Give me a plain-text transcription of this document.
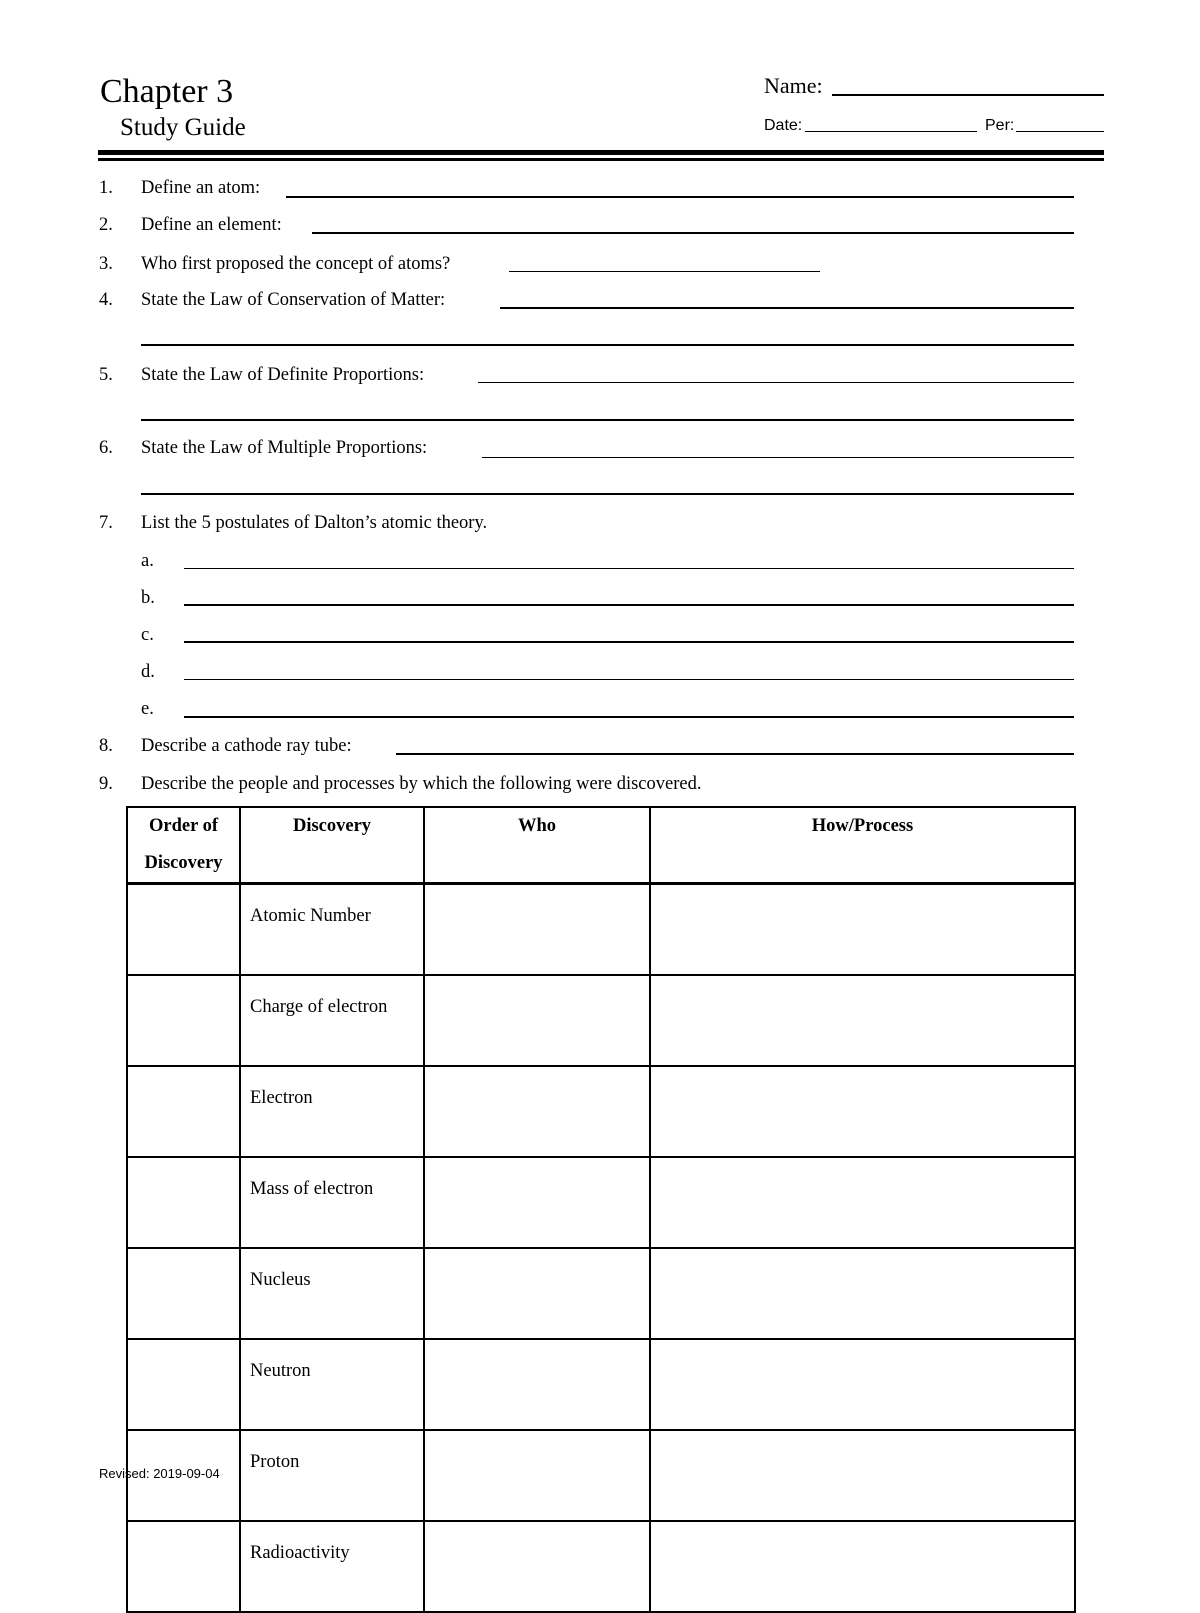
Chapter 3
Study Guide
Name:
Date:	Per:
1. Define an atom:
2. Define an element:
3. Who first proposed the concept of atoms?
4. State the Law of Conservation of Matter:
5. State the Law of Definite Proportions:
6. State the Law of Multiple Proportions:
7. List the 5 postulates of Dalton’s atomic theory.
a.
b.
c.
d.
e.
8. Describe a cathode ray tube:
9. Describe the people and processes by which the following were discovered.
Order of Discovery	Discovery	Who	How/Process
	Atomic Number		
	Charge of electron		
	Electron		
	Mass of electron		
	Nucleus		
	Neutron		
	Proton		
	Radioactivity		
Revised: 2019-09-04
